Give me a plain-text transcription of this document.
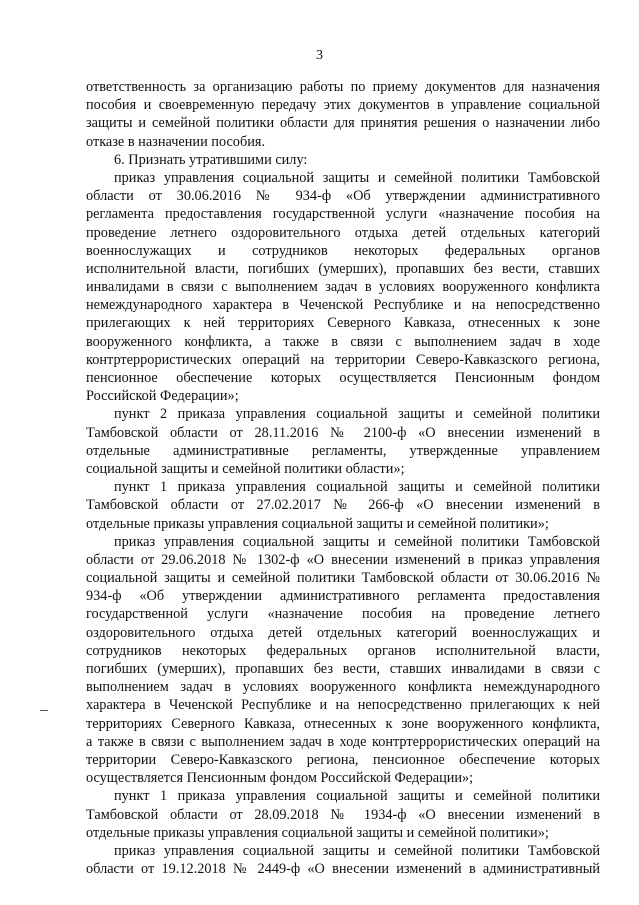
3
ответственность за организацию работы по приему документов для назначения
пособия и своевременную передачу этих документов в управление социальной
защиты и семейной политики области для принятия решения о назначении либо
отказе в назначении пособия.
6. Признать утратившими силу:
приказ управления социальной защиты и семейной политики Тамбовской
области от 30.06.2016 № 934-ф «Об утверждении административного
регламента предоставления государственной услуги «назначение пособия на
проведение летнего оздоровительного отдыха детей отдельных категорий
военнослужащих и сотрудников некоторых федеральных органов
исполнительной власти, погибших (умерших), пропавших без вести, ставших
инвалидами в связи с выполнением задач в условиях вооруженного конфликта
немеждународного характера в Чеченской Республике и на непосредственно
прилегающих к ней территориях Северного Кавказа, отнесенных к зоне
вооруженного конфликта, а также в связи с выполнением задач в ходе
контртеррористических операций на территории Северо-Кавказского региона,
пенсионное обеспечение которых осуществляется Пенсионным фондом
Российской Федерации»;
пункт 2 приказа управления социальной защиты и семейной политики
Тамбовской области от 28.11.2016 № 2100-ф «О внесении изменений в
отдельные административные регламенты, утвержденные управлением
социальной защиты и семейной политики области»;
пункт 1 приказа управления социальной защиты и семейной политики
Тамбовской области от 27.02.2017 № 266-ф «О внесении изменений в
отдельные приказы управления социальной защиты и семейной политики»;
приказ управления социальной защиты и семейной политики Тамбовской
области от 29.06.2018 № 1302-ф «О внесении изменений в приказ управления
социальной защиты и семейной политики Тамбовской области от 30.06.2016 №
934-ф «Об утверждении административного регламента предоставления
государственной услуги «назначение пособия на проведение летнего
оздоровительного отдыха детей отдельных категорий военнослужащих и
сотрудников некоторых федеральных органов исполнительной власти,
погибших (умерших), пропавших без вести, ставших инвалидами в связи с
выполнением задач в условиях вооруженного конфликта немеждународного
характера в Чеченской Республике и на непосредственно прилегающих к ней
территориях Северного Кавказа, отнесенных к зоне вооруженного конфликта,
а также в связи с выполнением задач в ходе контртеррористических операций на
территории Северо-Кавказского региона, пенсионное обеспечение которых
осуществляется Пенсионным фондом Российской Федерации»;
пункт 1 приказа управления социальной защиты и семейной политики
Тамбовской области от 28.09.2018 № 1934-ф «О внесении изменений в
отдельные приказы управления социальной защиты и семейной политики»;
приказ управления социальной защиты и семейной политики Тамбовской
области от 19.12.2018 № 2449-ф «О внесении изменений в административный
